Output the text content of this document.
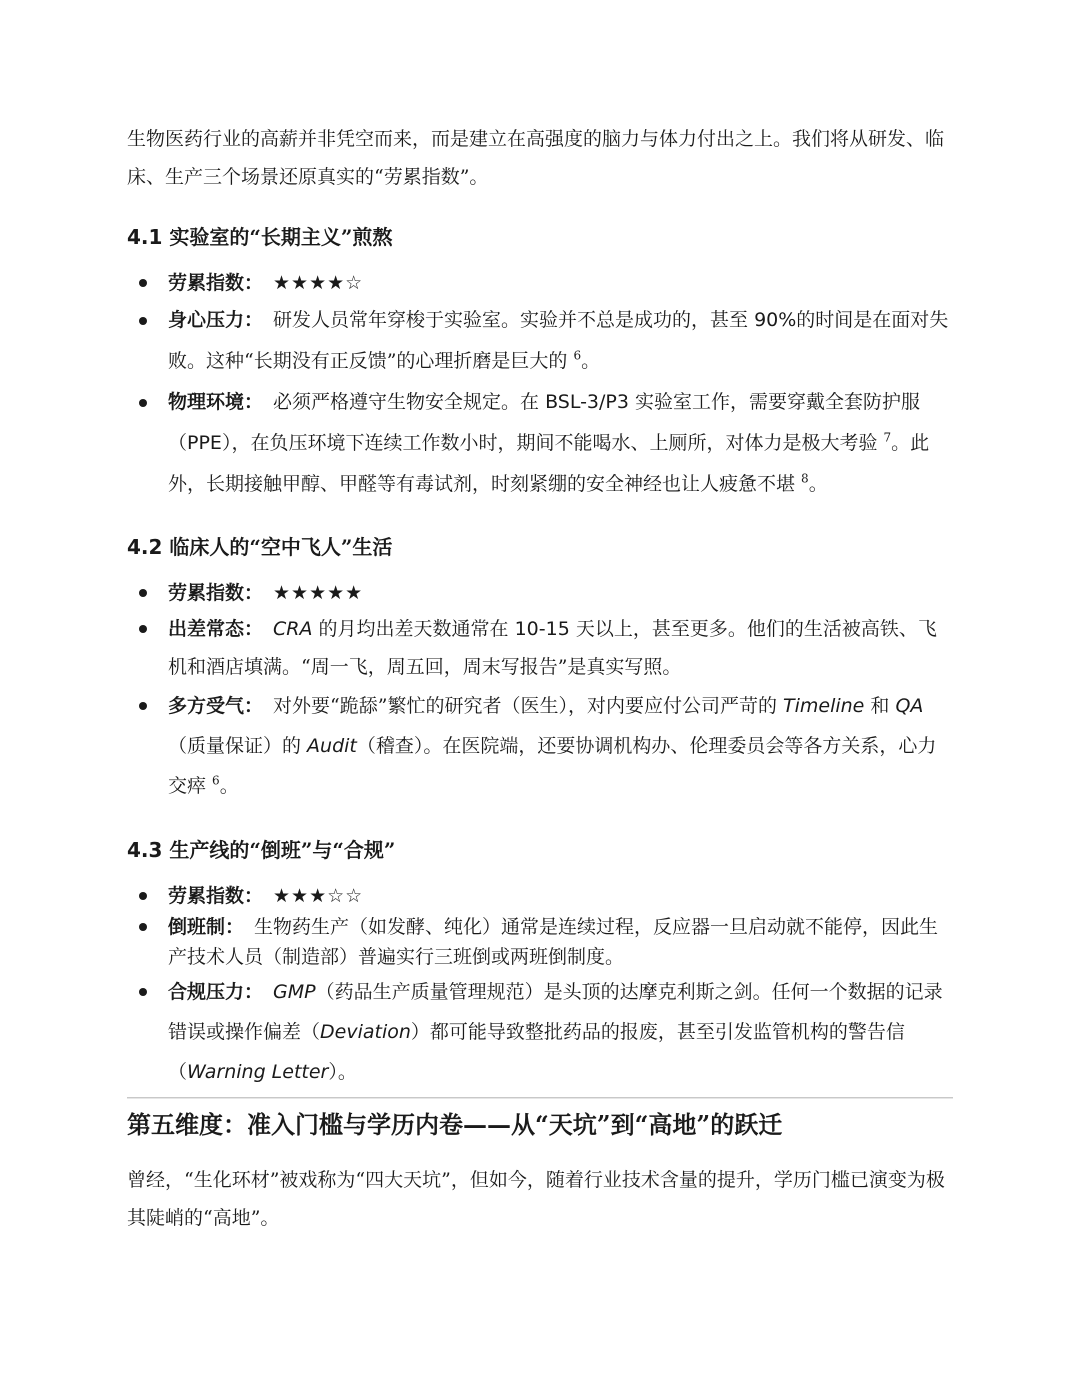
生物医药行业的高薪并非凭空而来，而是建立在高强度的脑力与体力付出之上。我们将从研发、临床、生产三个场景还原真实的“劳累指数”。

4.1 实验室的“长期主义”煎熬
劳累指数： ★★★★☆
身心压力： 研发人员常年穿梭于实验室。实验并不总是成功的，甚至 90%的时间是在面对失败。这种“长期没有正反馈”的心理折磨是巨大的 $^6$。
物理环境： 必须严格遵守生物安全规定。在 BSL-3/P3 实验室工作，需要穿戴全套防护服（PPE），在负压环境下连续工作数小时，期间不能喝水、上厕所，对体力是极大考验 $^7$。此外，长期接触甲醇、甲醛等有毒试剂，时刻紧绷的安全神经也让人疲惫不堪 $^8$。
4.2 临床人的“空中飞人”生活
劳累指数： ★★★★★
出差常态： CRA 的月均出差天数通常在 10-15 天以上，甚至更多。他们的生活被高铁、飞机和酒店填满。“周一飞，周五回，周末写报告”是真实写照。
多方受气： 对外要“跪舔”繁忙的研究者（医生），对内要应付公司严苛的 Timeline 和 QA（质量保证）的 Audit（稽查）。在医院端，还要协调机构办、伦理委员会等各方关系，心力交瘁 $^6$。
4.3 生产线的“倒班”与“合规”
劳累指数： ★★★☆☆
倒班制： 生物药生产（如发酵、纯化）通常是连续过程，反应器一旦启动就不能停，因此生产技术人员（制造部）普遍实行三班倒或两班倒制度。
合规压力： GMP（药品生产质量管理规范）是头顶的达摩克利斯之剑。任何一个数据的记录错误或操作偏差（Deviation）都可能导致整批药品的报废，甚至引发监管机构的警告信（Warning Letter）。
第五维度：准入门槛与学历内卷——从“天坑”到“高地”的跃迁

曾经，“生化环材”被戏称为“四大天坑”，但如今，随着行业技术含量的提升，学历门槛已演变为极其陡峭的“高地”。
